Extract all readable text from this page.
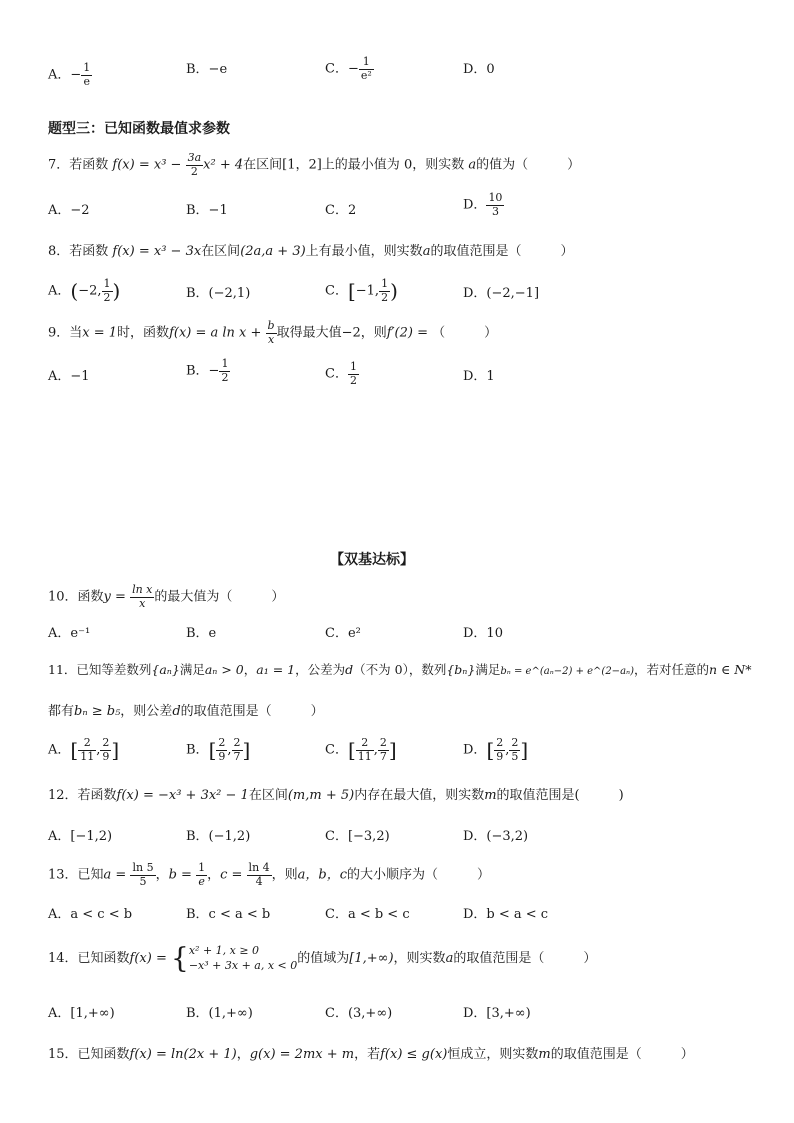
A．− $\frac{1}{e}$	B．−e	C．− $\frac{1}{\text{e²}}$	D．0
题型三：已知函数最值求参数
7．若函数 $f(x) = x^3 - \frac{3a}{2} x^2 + 4$在区间[1，2]上的最小值为 0，则实数 a的值为（　　　）
A．−2	B．−1	C．2	D． $\frac{10}{3}$
8．若函数 f(x) = x³ − 3x在区间(2a,a + 3)上有最小值，则实数a的取值范围是（　　　）
A．(−2, $\frac{1}{2}$ )	B．(−2,1)	C．[−1, $\frac{1}{2}$ )	D．(−2,−1]
9．当x = 1时，函数f(x) = a $\ln x + \frac{b}{x}$ 取得最大值−2，则f′(2) = （　　　）
A．−1	B．− $\frac{1}{2}$	C． $\frac{1}{2}$	D．1
【双基达标】
10．函数$y = \frac{\text{ln x}}{x}$ 的最大值为（　　　）
A．e⁻¹	B．e	C．e²	D．10
11．已知等差数列{aₙ}满足aₙ > 0，a₁ = 1，公差为d（不为 0），数列{bₙ}满足bₙ = e^(aₙ−2) + e^(2−aₙ)，若对任意的n ∈ N*
都有bₙ ≥ b₅，则公差d的取值范围是（　　　）
A．[ $\frac{2}{11}$ , $\frac{2}{9}$ ]	B．[ $\frac{2}{9}$ , $\frac{2}{7}$ ]	C．[ $\frac{2}{11}$ , $\frac{2}{7}$ ]	D．[ $\frac{2}{9}$ , $\frac{2}{5}$ ]
12．若函数f(x) = −x³ + 3x² − 1在区间(m,m + 5)内存在最大值，则实数m的取值范围是(　　　)
A．[−1,2)	B．(−1,2)	C．[−3,2)	D．(−3,2)
13．已知$a = \frac{\ln 5}{5}$ ，$b = \frac{1}{e}$ ，$c = \frac{\ln 4}{4}$ ，则a，b，c的大小顺序为（　　　）
A．a < c < b	B．c < a < b	C．a < b < c	D．b < a < c
14．已知函数f(x) = { x² + 1, x ≥ 0
−x³ + 3x + a, x < 0 的值域为[1,+∞)，则实数a的取值范围是（　　　）
A．[1,+∞)	B．(1,+∞)	C．(3,+∞)	D．[3,+∞)
15．已知函数f(x) = ln(2x + 1)，g(x) = 2mx + m，若f(x) ≤ g(x)恒成立，则实数m的取值范围是（　　　）
